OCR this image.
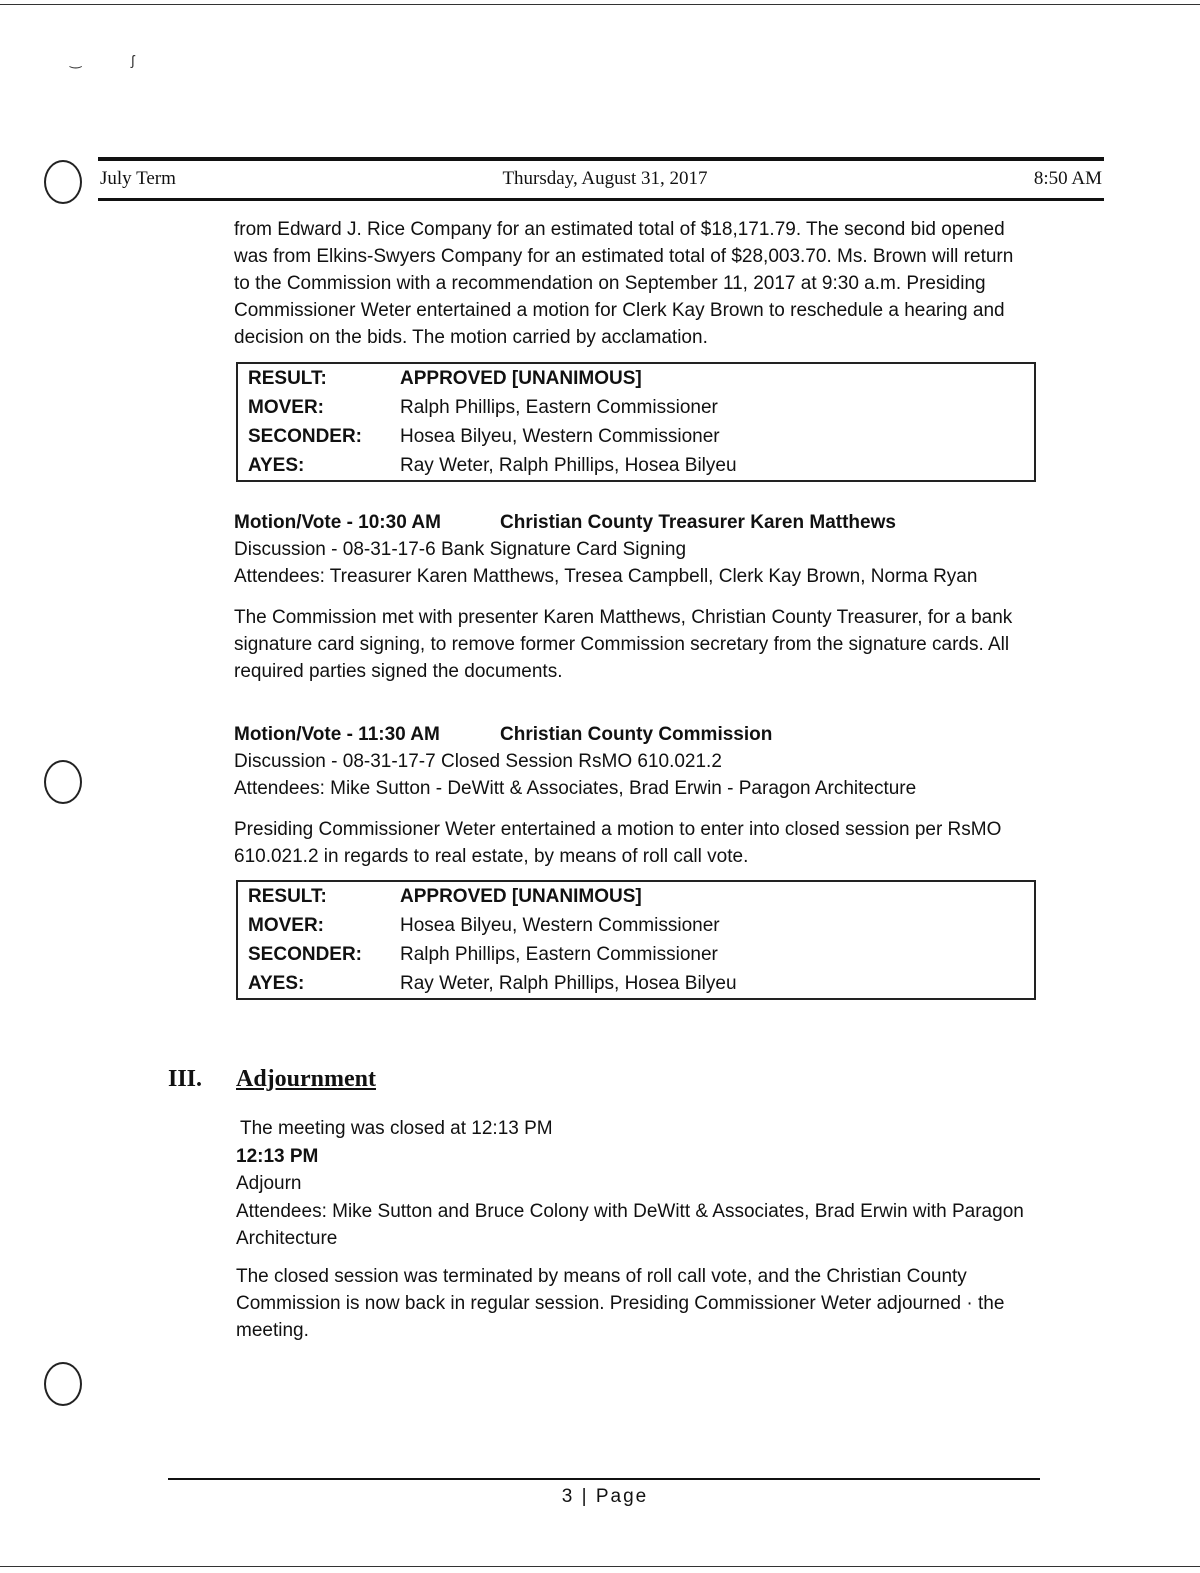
‿	ʃ
July Term	Thursday, August 31, 2017	8:50 AM
from Edward J. Rice Company for an estimated total of $18,171.79. The second bid opened was from Elkins-Swyers Company for an estimated total of $28,003.70. Ms. Brown will return to the Commission with a recommendation on September 11, 2017 at 9:30 a.m. Presiding Commissioner Weter entertained a motion for Clerk Kay Brown to reschedule a hearing and decision on the bids. The motion carried by acclamation.
RESULT:	APPROVED [UNANIMOUS]
MOVER:	Ralph Phillips, Eastern Commissioner
SECONDER:	Hosea Bilyeu, Western Commissioner
AYES:	Ray Weter, Ralph Phillips, Hosea Bilyeu
Motion/Vote - 10:30 AM	Christian County Treasurer Karen Matthews
Discussion - 08-31-17-6 Bank Signature Card Signing
Attendees: Treasurer Karen Matthews, Tresea Campbell, Clerk Kay Brown, Norma Ryan
The Commission met with presenter Karen Matthews, Christian County Treasurer, for a bank signature card signing, to remove former Commission secretary from the signature cards. All required parties signed the documents.
Motion/Vote - 11:30 AM	Christian County Commission
Discussion - 08-31-17-7 Closed Session RsMO 610.021.2
Attendees: Mike Sutton - DeWitt & Associates, Brad Erwin - Paragon Architecture
Presiding Commissioner Weter entertained a motion to enter into closed session per RsMO 610.021.2 in regards to real estate, by means of roll call vote.
RESULT:	APPROVED [UNANIMOUS]
MOVER:	Hosea Bilyeu, Western Commissioner
SECONDER:	Ralph Phillips, Eastern Commissioner
AYES:	Ray Weter, Ralph Phillips, Hosea Bilyeu
III. Adjournment
The meeting was closed at 12:13 PM
12:13 PM
Adjourn
Attendees: Mike Sutton and Bruce Colony with DeWitt & Associates, Brad Erwin with Paragon Architecture
The closed session was terminated by means of roll call vote, and the Christian County Commission is now back in regular session. Presiding Commissioner Weter adjourned · the meeting.
3 | Page
